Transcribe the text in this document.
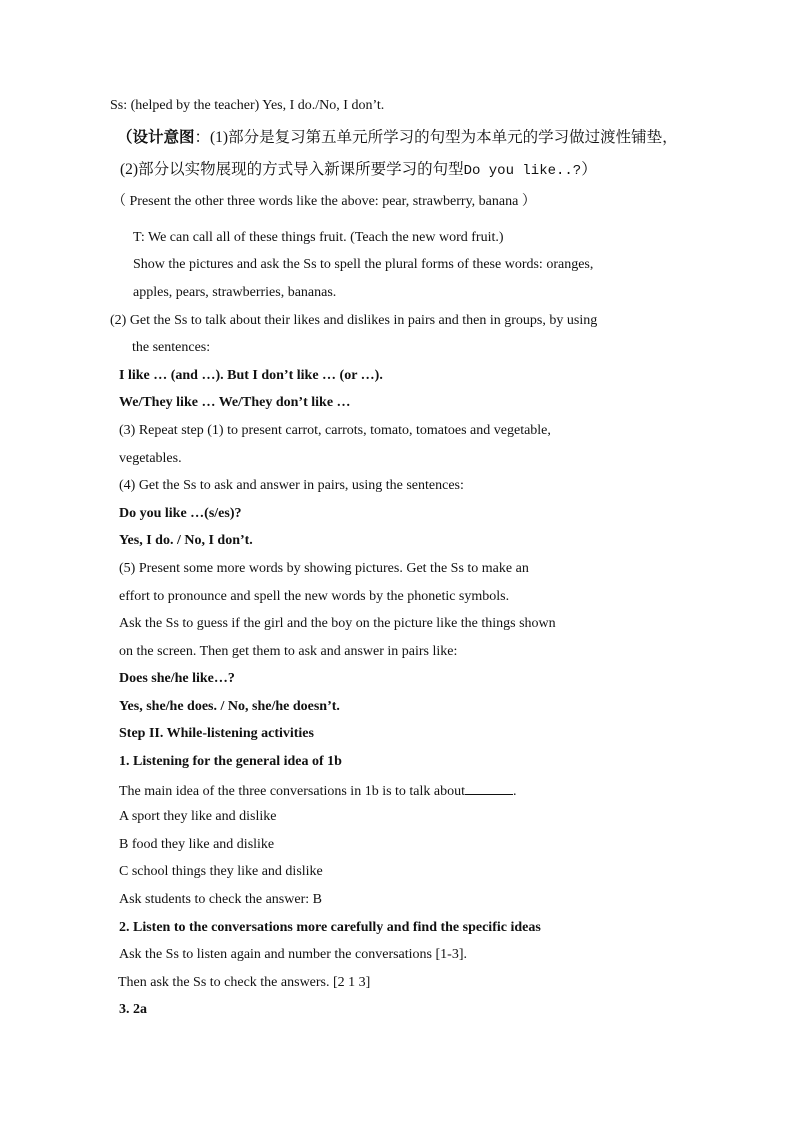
Ss: (helped by the teacher) Yes, I do./No, I don’t.
（设计意图：(1)部分是复习第五单元所学习的句型为本单元的学习做过渡性铺垫，
(2)部分以实物展现的方式导入新课所要学习的句型Do you like..?）
（ Present the other three words like the above: pear, strawberry, banana ）
T: We can call all of these things fruit. (Teach the new word fruit.)
Show the pictures and ask the Ss to spell the plural forms of these words: oranges,
apples, pears, strawberries, bananas.
(2) Get the Ss to talk about their likes and dislikes in pairs and then in groups, by using
the sentences:
I like … (and …). But I don’t like … (or …).
We/They like … We/They don’t like …
(3) Repeat step (1) to present carrot, carrots, tomato, tomatoes and vegetable,
vegetables.
(4) Get the Ss to ask and answer in pairs, using the sentences:
Do you like …(s/es)?
Yes, I do. / No, I don’t.
(5) Present some more words by showing pictures. Get the Ss to make an
effort to pronounce and spell the new words by the phonetic symbols.
Ask the Ss to guess if the girl and the boy on the picture like the things shown
on the screen. Then get them to ask and answer in pairs like:
Does she/he like…?
Yes, she/he does. / No, she/he doesn’t.
Step II. While-listening activities
1. Listening for the general idea of 1b
The main idea of the three conversations in 1b is to talk about	.
A sport they like and dislike
B food they like and dislike
C school things they like and dislike
Ask students to check the answer: B
2. Listen to the conversations more carefully and find the specific ideas
Ask the Ss to listen again and number the conversations [1-3].
Then ask the Ss to check the answers. [2 1 3]
3. 2a
